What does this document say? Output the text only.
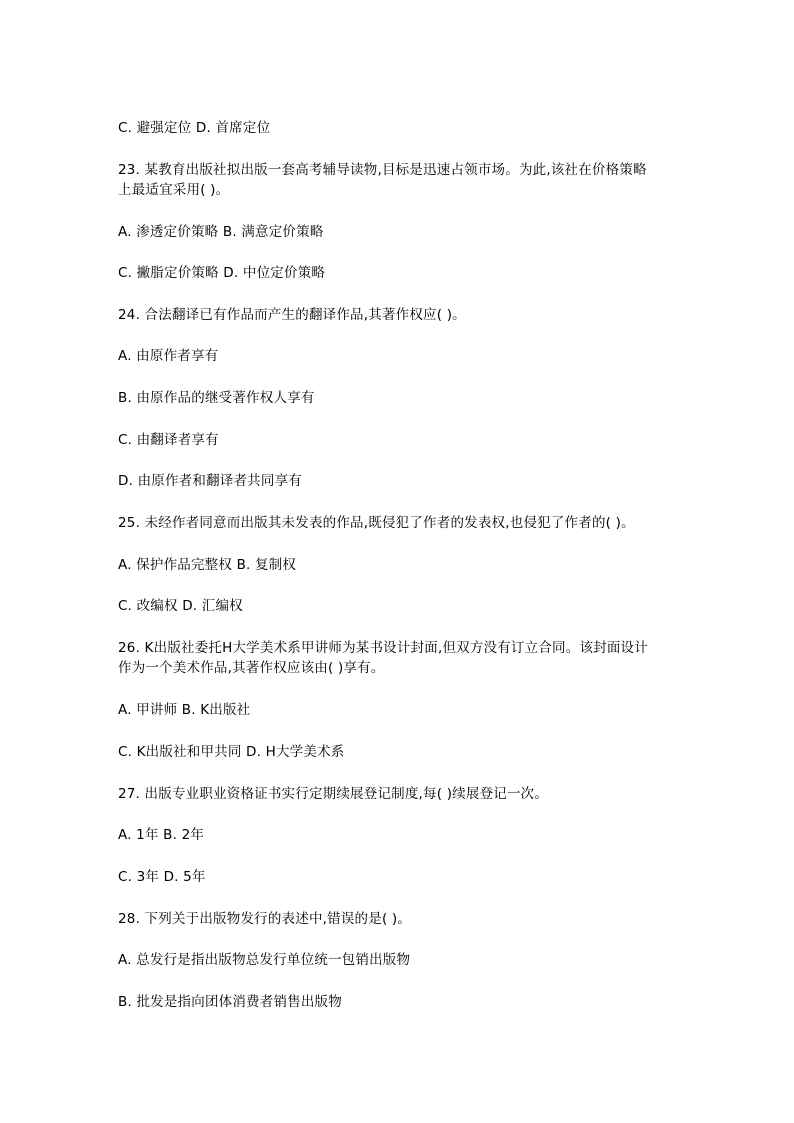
C. 避强定位 D. 首席定位
23. 某教育出版社拟出版一套高考辅导读物,目标是迅速占领市场。为此,该社在价格策略
上最适宜采用( )。
A. 渗透定价策略 B. 满意定价策略
C. 撇脂定价策略 D. 中位定价策略
24. 合法翻译已有作品而产生的翻译作品,其著作权应( )。
A. 由原作者享有
B. 由原作品的继受著作权人享有
C. 由翻译者享有
D. 由原作者和翻译者共同享有
25. 未经作者同意而出版其未发表的作品,既侵犯了作者的发表权,也侵犯了作者的( )。
A. 保护作品完整权 B. 复制权
C. 改编权 D. 汇编权
26. K出版社委托H大学美术系甲讲师为某书设计封面,但双方没有订立合同。该封面设计
作为一个美术作品,其著作权应该由( )享有。
A. 甲讲师 B. K出版社
C. K出版社和甲共同 D. H大学美术系
27. 出版专业职业资格证书实行定期续展登记制度,每( )续展登记一次。
A. 1年 B. 2年
C. 3年 D. 5年
28. 下列关于出版物发行的表述中,错误的是( )。
A. 总发行是指出版物总发行单位统一包销出版物
B. 批发是指向团体消费者销售出版物
